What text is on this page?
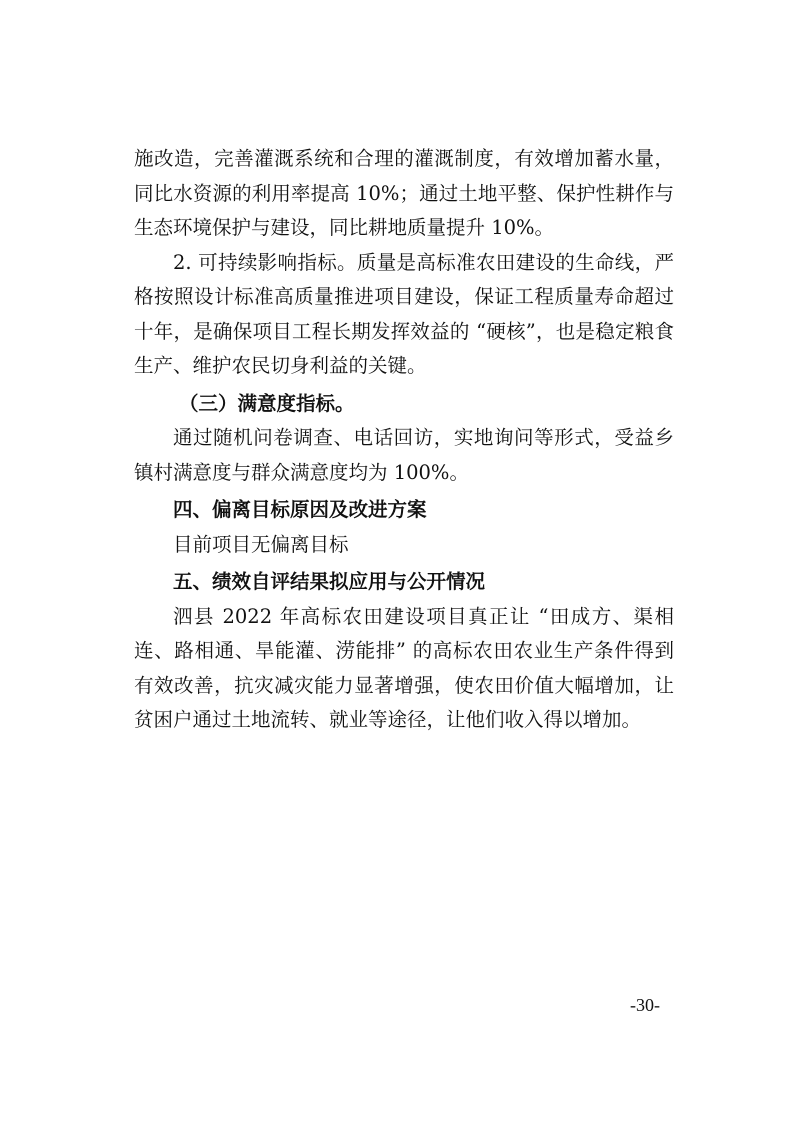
施改造，完善灌溉系统和合理的灌溉制度，有效增加蓄水量，同比水资源的利用率提高 10%；通过土地平整、保护性耕作与生态环境保护与建设，同比耕地质量提升 10%。

2. 可持续影响指标。质量是高标准农田建设的生命线，严格按照设计标准高质量推进项目建设，保证工程质量寿命超过十年，是确保项目工程长期发挥效益的 “硬核”，也是稳定粮食生产、维护农民切身利益的关键。

（三）满意度指标。

通过随机问卷调查、电话回访，实地询问等形式，受益乡镇村满意度与群众满意度均为 100%。

四、偏离目标原因及改进方案

目前项目无偏离目标

五、绩效自评结果拟应用与公开情况

泗县 2022 年高标农田建设项目真正让 “田成方、渠相连、路相通、旱能灌、涝能排” 的高标农田农业生产条件得到有效改善，抗灾减灾能力显著增强，使农田价值大幅增加，让贫困户通过土地流转、就业等途径，让他们收入得以增加。

-30-
